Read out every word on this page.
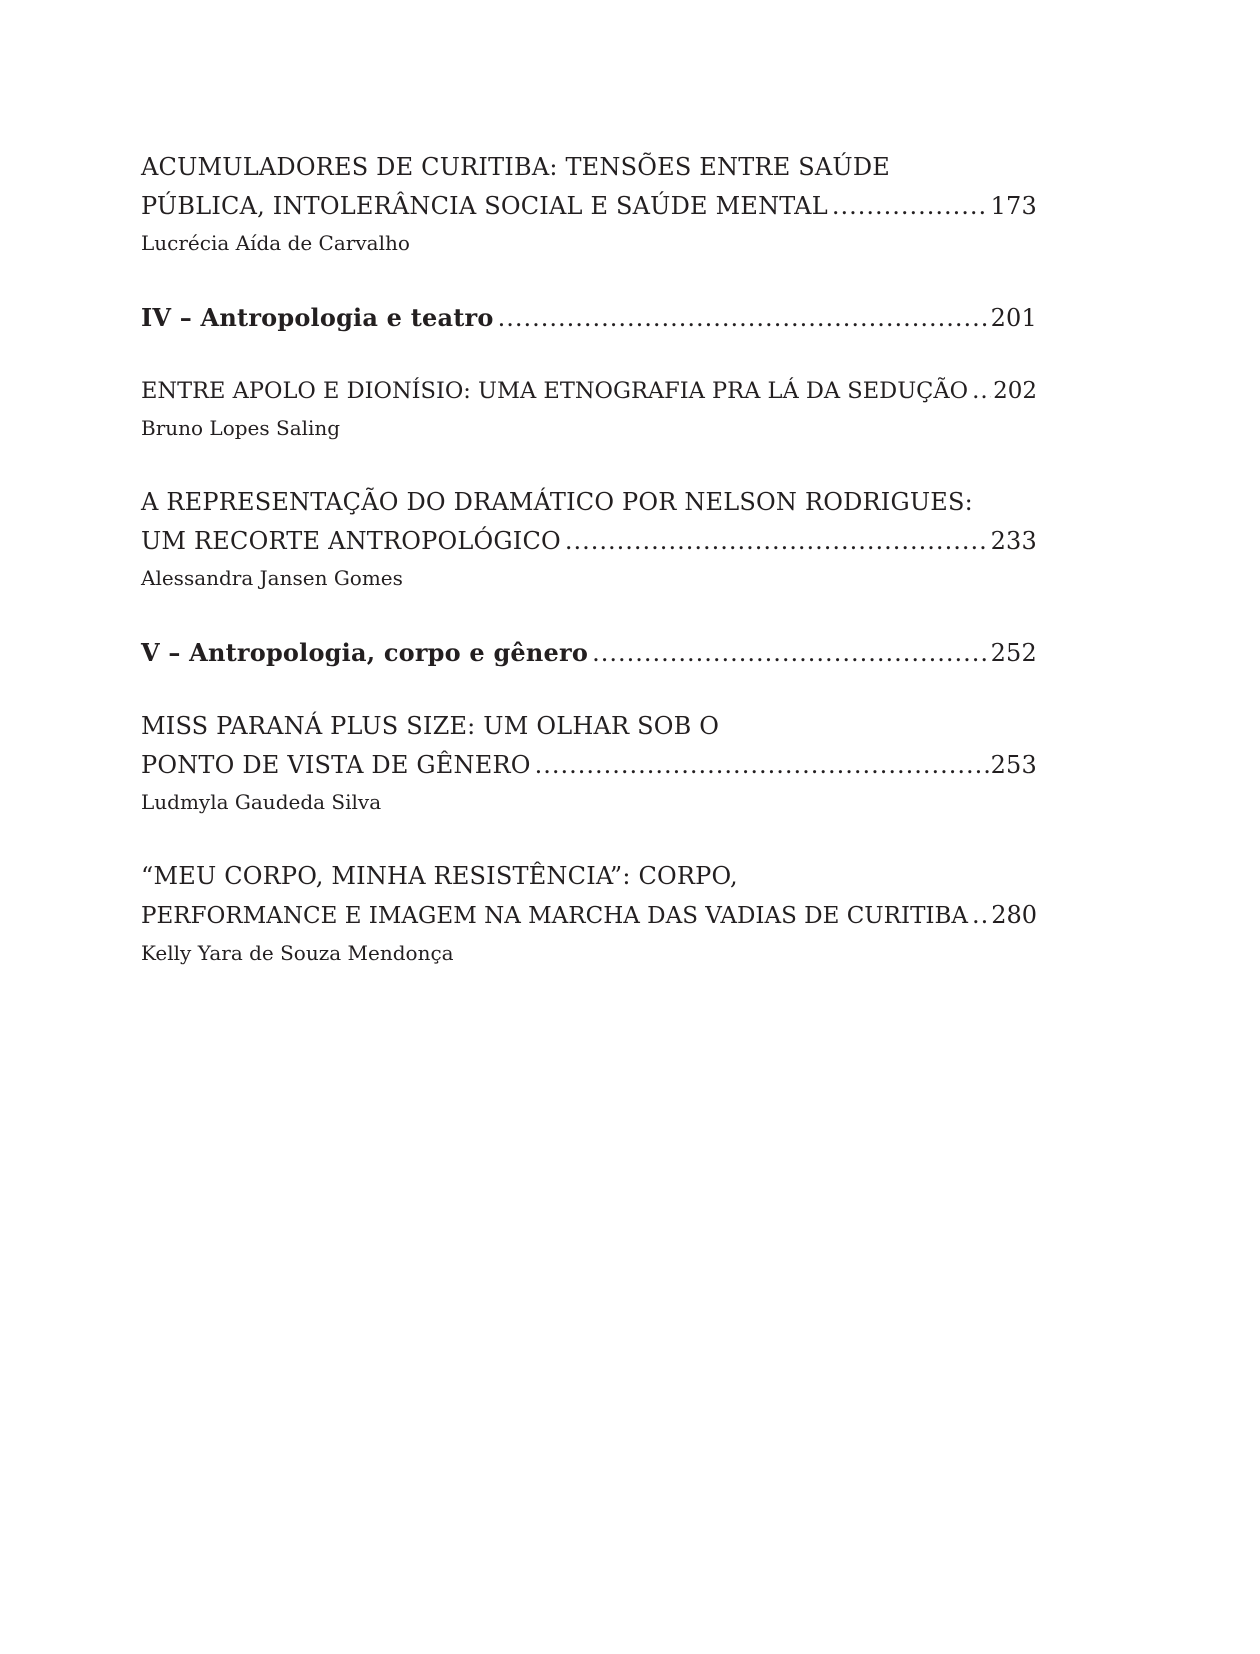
ACUMULADORES DE CURITIBA: TENSÕES ENTRE SAÚDE
PÚBLICA, INTOLERÂNCIA SOCIAL E SAÚDE MENTAL .....	173
Lucrécia Aída de Carvalho
IV – Antropologia e teatro .....	201
ENTRE APOLO E DIONÍSIO: UMA ETNOGRAFIA PRA LÁ DA SEDUÇÃO ..... 202
Bruno Lopes Saling
A REPRESENTAÇÃO DO DRAMÁTICO POR NELSON RODRIGUES:
UM RECORTE ANTROPOLÓGICO .....	233
Alessandra Jansen Gomes
V – Antropologia, corpo e gênero .....	252
MISS PARANÁ PLUS SIZE: UM OLHAR SOB O
PONTO DE VISTA DE GÊNERO .....	253
Ludmyla Gaudeda Silva
“MEU CORPO, MINHA RESISTÊNCIA”: CORPO,
PERFORMANCE E IMAGEM NA MARCHA DAS VADIAS DE CURITIBA ..... 280
Kelly Yara de Souza Mendonça
